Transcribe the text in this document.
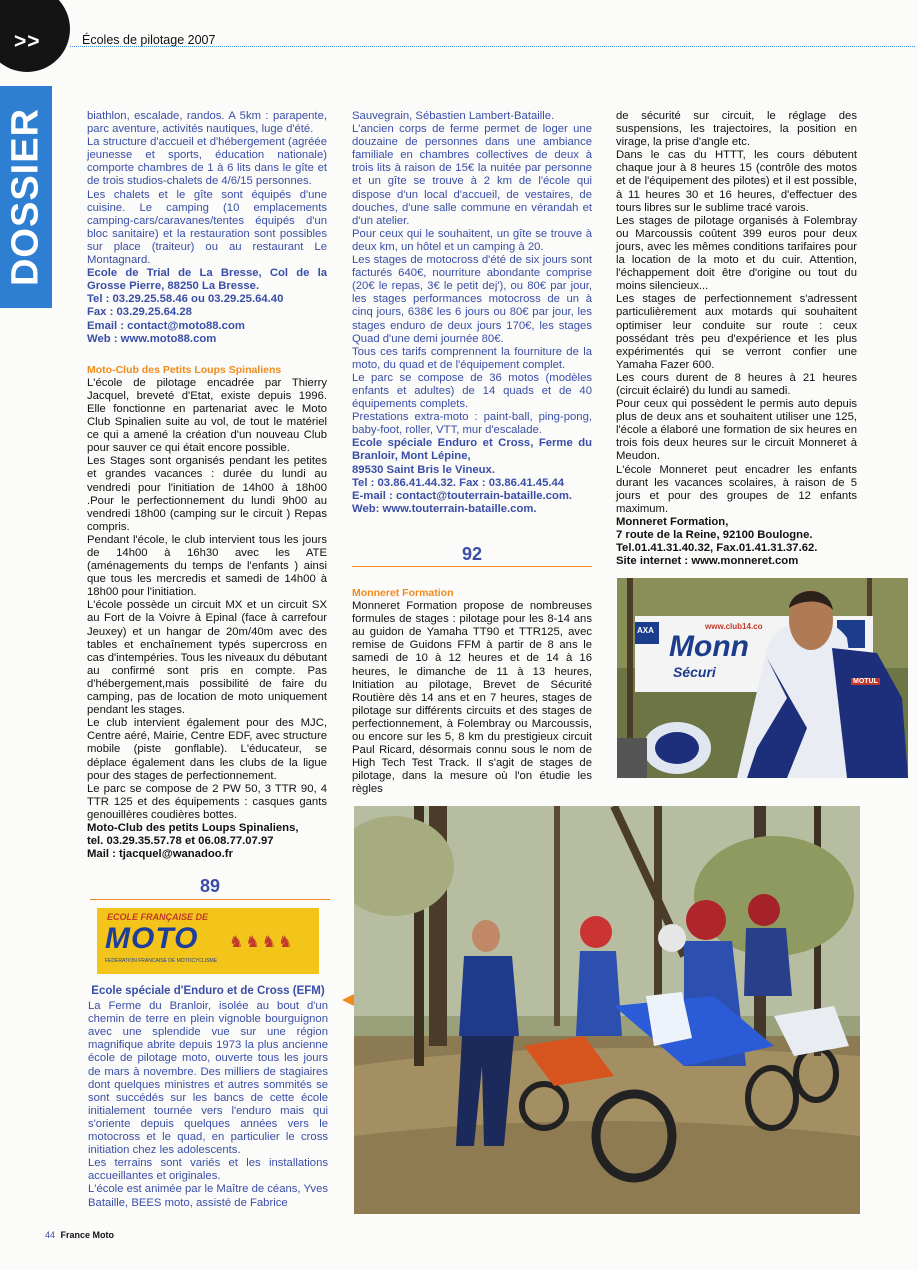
>>
DOSSIER
Écoles de pilotage 2007

biathlon, escalade, randos. A 5km : parapente, parc aventure, activités nautiques, luge d'été.

La structure d'accueil et d'hébergement (agréée jeunesse et sports, éducation nationale) comporte chambres de 1 à 6 lits dans le gîte et de trois studios-chalets de 4/6/15 personnes.

Les chalets et le gîte sont équipés d'une cuisine. Le camping (10 emplacements camping-cars/caravanes/tentes équipés d'un bloc sanitaire) et la restauration sont possibles sur place (traiteur) ou au restaurant Le Montagnard.

Ecole de Trial de La Bresse, Col de la Grosse Pierre, 88250 La Bresse.

Tel : 03.29.25.58.46 ou 03.29.25.64.40

Fax : 03.29.25.64.28

Email : contact@moto88.com

Web : www.moto88.com

Moto-Club des Petits Loups Spinaliens

L'école de pilotage encadrée par Thierry Jacquel, breveté d'Etat, existe depuis 1996. Elle fonctionne en partenariat avec le Moto Club Spinalien suite au vol, de tout le matériel ce qui a amené la création d'un nouveau Club pour sauver ce qui était encore possible.

Les Stages sont organisés pendant les petites et grandes vacances : durée du lundi au vendredi pour l'initiation de 14h00 à 18h00 .Pour le perfectionnement du lundi 9h00 au vendredi 18h00 (camping sur le circuit ) Repas compris.

Pendant l'école, le club intervient tous les jours de 14h00 à 16h30 avec les ATE (aménagements du temps de l'enfants ) ainsi que tous les mercredis et samedi de 14h00 à 18h00 pour l'initiation.

L'école possède un circuit MX et un circuit SX au Fort de la Voivre à Epinal (face à carrefour Jeuxey) et un hangar de 20m/40m avec des tables et enchaînement typés supercross en cas d'intempéries. Tous les niveaux du débutant au confirmé sont pris en compte. Pas d'hébergement,mais possibilité de faire du camping, pas de location de moto uniquement pendant les stages.

Le club intervient également pour des MJC, Centre aéré, Mairie, Centre EDF, avec structure mobile (piste gonflable). L'éducateur, se déplace également dans les clubs de la ligue pour des stages de perfectionnement.

Le parc se compose de 2 PW 50, 3 TTR 90, 4 TTR 125 et des équipements : casques gants genouillères coudières bottes.

Moto-Club des petits Loups Spinaliens,

tel. 03.29.35.57.78 et 06.08.77.07.97

Mail : tjacquel@wanadoo.fr

89
ECOLE FRANÇAISE DE
MOTO
FEDERATION FRANCAISE DE MOTOCYCLISME
♞♞♞♞

Ecole spéciale d'Enduro et de Cross (EFM)

La Ferme du Branloir, isolée au bout d'un chemin de terre en plein vignoble bourguignon avec une splendide vue sur une région magnifique abrite depuis 1973 la plus ancienne école de pilotage moto, ouverte tous les jours de mars à novembre. Des milliers de stagiaires dont quelques ministres et autres sommités se sont succédés sur les bancs de cette école initialement tournée vers l'enduro mais qui s'oriente depuis quelques années vers le motocross et le quad, en particulier le cross initiation chez les adolescents.

Les terrains sont variés et les installations accueillantes et originales.

L'école est animée par le Maître de céans, Yves Bataille, BEES moto, assisté de Fabrice

Sauvegrain, Sébastien Lambert-Bataille.

L'ancien corps de ferme permet de loger une douzaine de personnes dans une ambiance familiale en chambres collectives de deux à trois lits à raison de 15€ la nuitée par personne et un gîte se trouve à 2 km de l'école qui dispose d'un local d'accueil, de vestaires, de douches, d'une salle commune en vérandah et d'un atelier.

Pour ceux qui le souhaitent, un gîte se trouve à deux km, un hôtel et un camping à 20.

Les stages de motocross d'été de six jours sont facturés 640€, nourriture abondante comprise (20€ le repas, 3€ le petit dej'), ou 80€ par jour, les stages performances motocross de un à cinq jours, 638€ les 6 jours ou 80€ par jour, les stages enduro de deux jours 170€, les stages Quad d'une demi journée 80€.

Tous ces tarifs comprennent la fourniture de la moto, du quad et de l'équipement complet.

Le parc se compose de 36 motos (modèles enfants et adultes) de 14 quads et de 40 équipements complets.

Prestations extra-moto : paint-ball, ping-pong, baby-foot, roller, VTT, mur d'escalade.

Ecole spéciale Enduro et Cross, Ferme du Branloir, Mont Lépine,

89530 Saint Bris le Vineux.

Tel : 03.86.41.44.32. Fax : 03.86.41.45.44

E-mail : contact@touterrain-bataille.com.

Web: www.touterrain-bataille.com.

92

Monneret Formation

Monneret Formation propose de nombreuses formules de stages : pilotage pour les 8-14 ans au guidon de Yamaha TT90 et TTR125, avec remise de Guidons FFM à partir de 8 ans le samedi de 10 à 12 heures et de 14 à 16 heures, le dimanche de 11 à 13 heures, Initiation au pilotage, Brevet de Sécurité Routière dès 14 ans et en 7 heures, stages de pilotage sur différents circuits et des stages de perfectionnement, à Folembray ou Marcoussis, ou encore sur les 5, 8 km du prestigieux circuit Paul Ricard, désormais connu sous le nom de High Tech Test Track. Il s'agit de stages de pilotage, dans la mesure où l'on étudie les règles

de sécurité sur circuit, le réglage des suspensions, les trajectoires, la position en virage, la prise d'angle etc.

Dans le cas du HTTT, les cours débutent chaque jour à 8 heures 15 (contrôle des motos et de l'équipement des pilotes) et il est possible, à 11 heures 30 et 16 heures, d'effectuer des tours libres sur le sublime tracé varois.

Les stages de pilotage organisés à Folembray ou Marcoussis coûtent 399 euros pour deux jours, avec les mêmes conditions tarifaires pour la location de la moto et du cuir. Attention, l'échappement doit être d'origine ou tout du moins silencieux...

Les stages de perfectionnement s'adressent particulièrement aux motards qui souhaitent optimiser leur conduite sur route : ceux possédant très peu d'expérience et les plus expérimentés qui se verront confier une Yamaha Fazer 600.

Les cours durent de 8 heures à 21 heures (circuit éclairé) du lundi au samedi.

Pour ceux qui possèdent le permis auto depuis plus de deux ans et souhaitent utiliser une 125, l'école a élaboré une formation de six heures en trois fois deux heures sur le circuit Monneret à Meudon.

L'école Monneret peut encadrer les enfants durant les vacances scolaires, à raison de 5 jours et pour des groupes de 12 enfants maximum.

Monneret Formation,

7 route de la Reine, 92100 Boulogne.

Tel.01.41.31.40.32, Fax.01.41.31.37.62.

Site internet : www.monneret.com

www.club14.co
Monn
Sécuri
AXA
MOTUL
44 France Moto
